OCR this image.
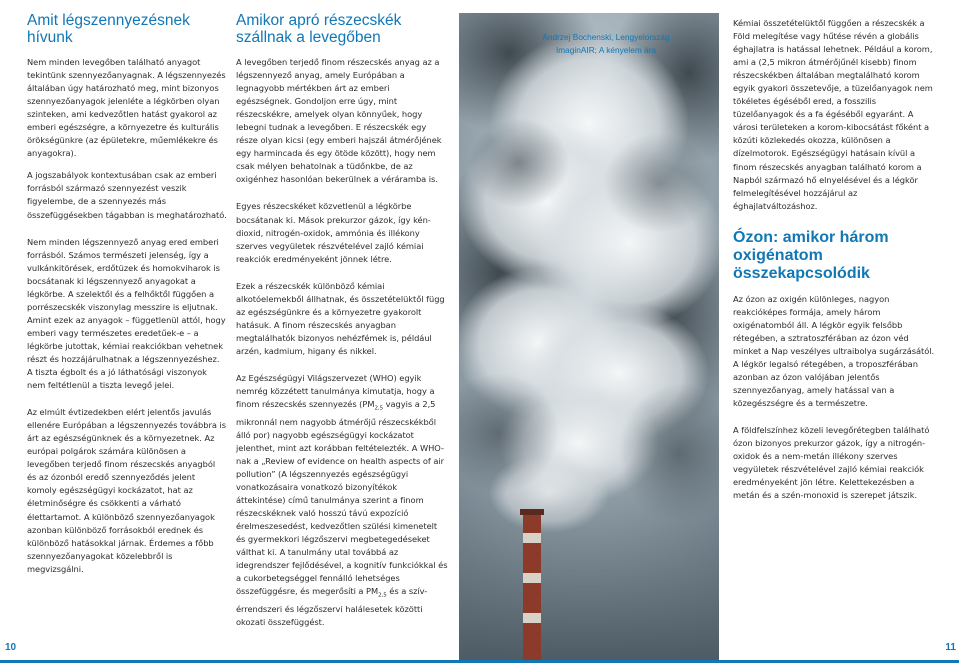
Amit légszennyezésnek hívunk

Nem minden levegőben található anyagot tekintünk szennyezőanyagnak. A légszennyezés általában úgy határozható meg, mint bizonyos szennyezőanyagok jelenléte a légkörben olyan szinteken, ami kedvezőtlen hatást gyakorol az emberi egészségre, a környezetre és kulturális örökségünkre (az épületekre, műemlékekre és anyagokra).

A jogszabályok kontextusában csak az emberi forrásból származó szennyezést veszik figyelembe, de a szennyezés más összefüggésekben tágabban is meghatározható.

Nem minden légszennyező anyag ered emberi forrásból. Számos természeti jelenség, így a vulkánkitörések, erdőtüzek és homokviharok is bocsátanak ki légszennyező anyagokat a légkörbe. A szelektől és a felhőktől függően a porrészecskék viszonylag messzire is eljutnak. Amint ezek az anyagok – függetlenül attól, hogy emberi vagy természetes eredetűek-e – a légkörbe jutottak, kémiai reakciókban vehetnek részt és hozzájárulhatnak a légszennyezéshez. A tiszta égbolt és a jó láthatósági viszonyok nem feltétlenül a tiszta levegő jelei.

Az elmúlt évtizedekben elért jelentős javulás ellenére Európában a légszennyezés továbbra is árt az egészségünknek és a környezetnek. Az európai polgárok számára különösen a levegőben terjedő finom részecskés anyagból és az ózonból eredő szennyeződés jelent komoly egészségügyi kockázatot, hat az életminőségre és csökkenti a várható élettartamot. A különböző szennyezőanyagok azonban különböző forrásokból erednek és különböző hatásokkal járnak. Érdemes a főbb szennyezőanyagokat közelebbről is megvizsgálni.

Amikor apró részecskék szállnak a levegőben

A levegőben terjedő finom részecskés anyag az a légszennyező anyag, amely Európában a legnagyobb mértékben árt az emberi egészségnek. Gondoljon erre úgy, mint részecskékre, amelyek olyan könnyűek, hogy lebegni tudnak a levegőben. E részecskék egy része olyan kicsi (egy emberi hajszál átmérőjének egy harmincada és egy ötöde között), hogy nem csak mélyen behatolnak a tüdőnkbe, de az oxigénhez hasonlóan bekerülnek a véráramba is.

Egyes részecskéket közvetlenül a légkörbe bocsátanak ki. Mások prekurzor gázok, így kén-dioxid, nitrogén-oxidok, ammónia és illékony szerves vegyületek részvételével zajló kémiai reakciók eredményeként jönnek létre.

Ezek a részecskék különböző kémiai alkotóelemekből állhatnak, és összetételüktől függ az egészségünkre és a környezetre gyakorolt hatásuk. A finom részecskés anyagban megtalálhatók bizonyos nehézfémek is, például arzén, kadmium, higany és nikkel.

Az Egészségügyi Világszervezet (WHO) egyik nemrég közzétett tanulmánya kimutatja, hogy a finom részecskés szennyezés ($PM_{2,5}$ vagyis a 2,5 mikronnál nem nagyobb átmérőjű részecskékből álló por) nagyobb egészségügyi kockázatot jelenthet, mint azt korábban feltételezték. A WHO-nak a „Review of evidence on health aspects of air pollution” (A légszennyezés egészségügyi vonatkozásaira vonatkozó bizonyítékok áttekintése) című tanulmánya szerint a finom részecskéknek való hosszú távú expozíció érelmeszesedést, kedvezőtlen szülési kimenetelt és gyermekkori légzőszervi megbetegedéseket válthat ki. A tanulmány utal továbbá az idegrendszer fejlődésével, a kognitív funkciókkal és a cukorbetegséggel fennálló lehetséges összefüggésre, és megerősíti a $PM_{2,5}$ és a szív-érrendszeri és légzőszervi halálesetek közötti okozati összefüggést.

10
Andrzej Bochenski, Lengyelország
ImaginAIR; A kényelem ára

Kémiai összetételüktől függően a részecskék a Föld melegítése vagy hűtése révén a globális éghajlatra is hatással lehetnek. Például a korom, ami a (2,5 mikron átmérőjűnél kisebb) finom részecskékben általában megtalálható korom egyik gyakori összetevője, a tüzelőanyagok nem tökéletes égéséből ered, a fosszilis tüzelőanyagok és a fa égéséből egyaránt. A városi területeken a korom-kibocsátást főként a közúti közlekedés okozza, különösen a dízelmotorok. Egészségügyi hatásain kívül a finom részecskés anyagban található korom a Napból származó hő elnyelésével és a légkör felmelegítésével hozzájárul az éghajlatváltozáshoz.

Ózon: amikor három oxigénatom összekapcsolódik

Az ózon az oxigén különleges, nagyon reakcióképes formája, amely három oxigénatomból áll. A légkör egyik felsőbb rétegében, a sztratoszférában az ózon véd minket a Nap veszélyes ultraibolya sugárzásától. A légkör legalsó rétegében, a troposzférában azonban az ózon valójában jelentős szennyezőanyag, amely hatással van a közegészségre és a természetre.

A földfelszínhez közeli levegőrétegben található ózon bizonyos prekurzor gázok, így a nitrogén-oxidok és a nem-metán illékony szerves vegyületek részvételével zajló kémiai reakciók eredményeként jön létre. Kelettekezésben a metán és a szén-monoxid is szerepet játszik.

11
